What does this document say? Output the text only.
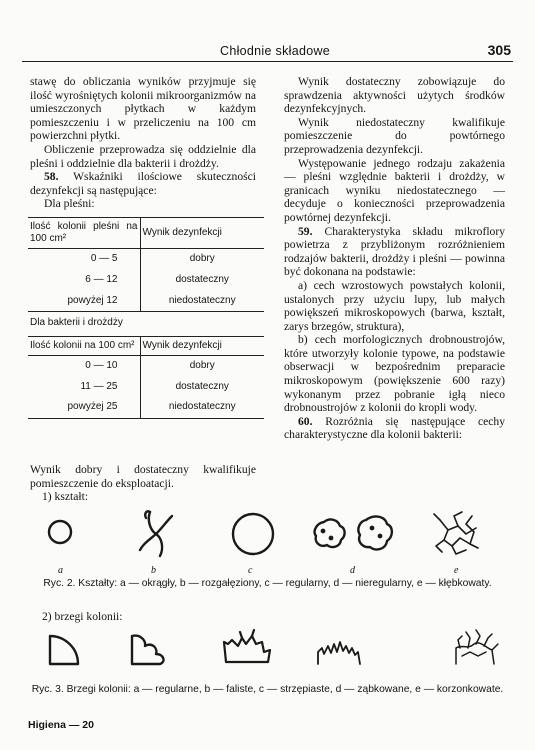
Chłodnie składowe	305

stawę do obliczania wyników przyjmuje się ilość wyrośniętych kolonii mikroorganizmów na umieszczonych płytkach w każdym pomieszczeniu i w przeliczeniu na 100 cm powierzchni płytki.

Obliczenie przeprowadza się oddzielnie dla pleśni i oddzielnie dla bakterii i drożdży.

58. Wskaźniki ilościowe skuteczności dezynfekcji są następujące:

Dla pleśni:

Ilość kolonii pleśni na 100 cm²	Wynik dezynfekcji
0 — 5	dobry
6 — 12	dostateczny
powyżej 12	niedostateczny

Dla bakterii i drożdży

Ilość kolonii na 100 cm²	Wynik dezynfekcji
0 — 10	dobry
11 — 25	dostateczny
powyżej 25	niedostateczny

Wynik dostateczny zobowiązuje do sprawdzenia aktywności użytych środków dezynfekcyjnych.

Wynik niedostateczny kwalifikuje pomieszczenie do powtórnego przeprowadzenia dezynfekcji.

Występowanie jednego rodzaju zakażenia — pleśni względnie bakterii i drożdży, w granicach wyniku niedostatecznego — decyduje o konieczności przeprowadzenia powtórnej dezynfekcji.

59. Charakterystyka składu mikroflory powietrza z przybliżonym rozróżnieniem rodzajów bakterii, drożdży i pleśni — powinna być dokonana na podstawie:

a) cech wzrostowych powstałych kolonii, ustalonych przy użyciu lupy, lub małych powiększeń mikroskopowych (barwa, kształt, zarys brzegów, struktura),

b) cech morfologicznych drobnoustrojów, które utworzyły kolonie typowe, na podstawie obserwacji w bezpośrednim preparacie mikroskopowym (powiększenie 600 razy) wykonanym przez pobranie igłą nieco drobnoustrojów z kolonii do kropli wody.

60. Rozróżnia się następujące cechy charakterystyczne dla kolonii bakterii:

Wynik dobry i dostateczny kwalifikuje pomieszczenie do eksploatacji.

1) kształt:

a	b	c	d	e

Ryc. 2. Kształty: a — okrągły, b — rozgałęziony, c — regularny, d — nieregularny, e — kłębkowaty.

2) brzegi kolonii:

Ryc. 3. Brzegi kolonii: a — regularne, b — faliste, c — strzępiaste, d — ząbkowane, e — korzonkowate.

Higiena — 20
